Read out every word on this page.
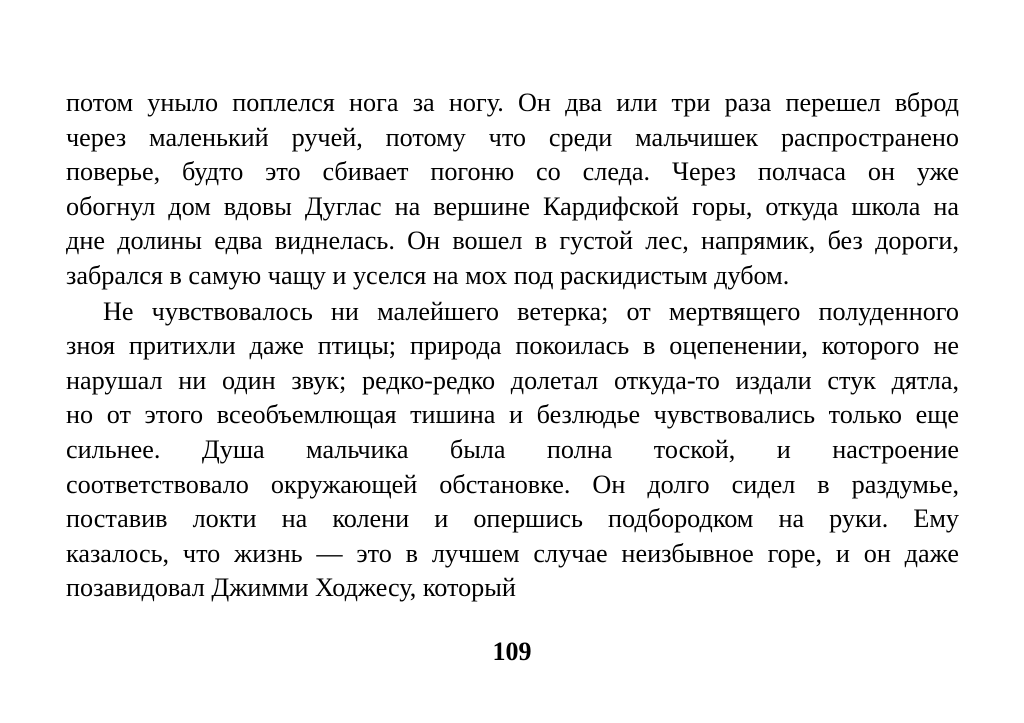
потом уныло поплелся нога за ногу. Он два или три раза перешел вброд
через маленький ручей, потому что среди мальчишек распространено
поверье, будто это сбивает погоню со следа. Через полчаса он уже
обогнул дом вдовы Дуглас на вершине Кардифской горы, откуда школа на
дне долины едва виднелась. Он вошел в густой лес, напрямик, без дороги,
забрался в самую чащу и уселся на мох под раскидистым дубом.

Не чувствовалось ни малейшего ветерка; от мертвящего полуденного
зноя притихли даже птицы; природа покоилась в оцепенении, которого не
нарушал ни один звук; редко-редко долетал откуда-то издали стук дятла,
но от этого всеобъемлющая тишина и безлюдье чувствовались только еще
сильнее. Душа мальчика была полна тоской, и настроение
соответствовало окружающей обстановке. Он долго сидел в раздумье,
поставив локти на колени и опершись подбородком на руки. Ему
казалось, что жизнь — это в лучшем случае неизбывное горе, и он даже
позавидовал Джимми Ходжесу, который

109
